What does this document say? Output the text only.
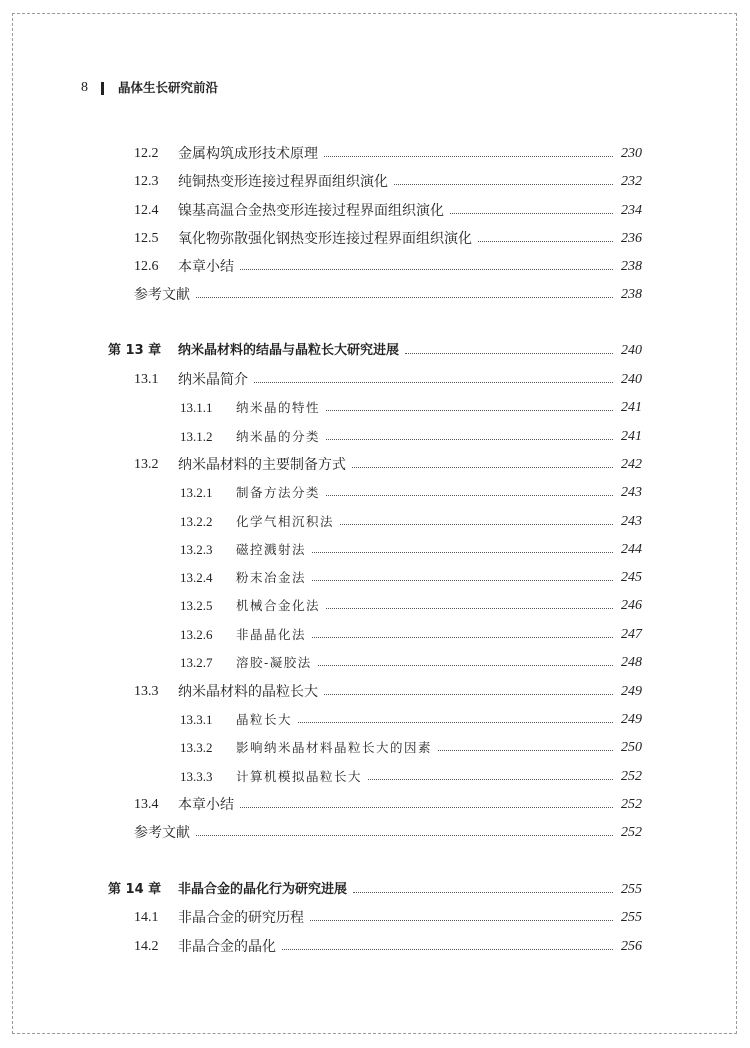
8 晶体生长研究前沿
12.2 金属构筑成形技术原理	230
12.3 纯铜热变形连接过程界面组织演化	232
12.4 镍基高温合金热变形连接过程界面组织演化	234
12.5 氧化物弥散强化钢热变形连接过程界面组织演化	236
12.6 本章小结	238
参考文献	238
第 13 章 纳米晶材料的结晶与晶粒长大研究进展	240
13.1 纳米晶简介	240
13.1.1 纳米晶的特性	241
13.1.2 纳米晶的分类	241
13.2 纳米晶材料的主要制备方式	242
13.2.1 制备方法分类	243
13.2.2 化学气相沉积法	243
13.2.3 磁控溅射法	244
13.2.4 粉末冶金法	245
13.2.5 机械合金化法	246
13.2.6 非晶晶化法	247
13.2.7 溶胶-凝胶法	248
13.3 纳米晶材料的晶粒长大	249
13.3.1 晶粒长大	249
13.3.2 影响纳米晶材料晶粒长大的因素	250
13.3.3 计算机模拟晶粒长大	252
13.4 本章小结	252
参考文献	252
第 14 章 非晶合金的晶化行为研究进展	255
14.1 非晶合金的研究历程	255
14.2 非晶合金的晶化	256
